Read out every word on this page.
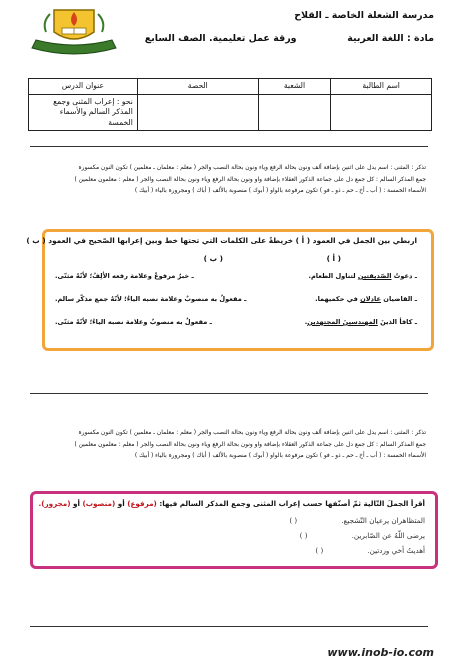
مدرسة الشعلة الخاصة ـ القلاح
مادة : اللغة العربية  ورقة عمل تعليمية. الصف السابع
اسم الطالبة	الشعبة	الحصة	عنوان الدرس
			نحو : إعراب المثنى وجمع المذكر السالم والأسماء الخمسة
تذكر : المثنى : اسم يدل على اثنين بإضافة ألف ونون بحالة الرفع وياء ونون بحالة النصب والجر ( معلم : معلمان ـ معلمين ) تكون النون مكسورة
جمع المذكر السالم : كل جمع دل على جماعة الذكور العقلاء بإضافة واو ونون بحالة الرفع وياء ونون بحالة النصب والجر ( معلم : معلمون معلمين )
الأسماء الخمسة : ( أب ـ أخ ـ حم ـ ذو ـ فو ) تكون مرفوعة بالواو ( أبوك ) منصوبة بالألف ( أباك ) ومجرورة بالياء ( أبيك )
اربطي بين الجمل في العمود ( أ ) خريطةً على الكلمات التي تحتها خط وبين إعرابها الصّحيح في العمود ( ب )
( أ )
( ب )
ـ دعوتُ الصّديقتين لتناول الطعام.
ـ القاضيان عادلان في حكميهما.
ـ كافأ الذينَ المهندسينَ المجتهدين.
ـ خبرٌ مرفوعٌ وعلامة رفعه الألِفُ؛ لأنّهُ مثنّى.
ـ مفعولٌ به منصوبٌ وعلامة نصبه الياءُ؛ لأنّهُ جمع مذكّر سالم.
ـ مفعولٌ به منصوبٌ وعلامة نصبه الياءُ؛ لأنّهُ مثنّى.
تذكر : المثنى : اسم يدل على اثنين بإضافة ألف ونون بحالة الرفع وياء ونون بحالة النصب والجر ( معلم : معلمان ـ معلمين ) تكون النون مكسورة
جمع المذكر السالم : كل جمع دل على جماعة الذكور العقلاء بإضافة واو ونون بحالة الرفع وياء ونون بحالة النصب والجر ( معلم : معلمون معلمين )
الأسماء الخمسة : ( أب ـ أخ ـ حم ـ ذو ـ فو ) تكون مرفوعة بالواو ( أبوك ) منصوبة بالألف ( أباك ) ومجرورة بالياء ( أبيك )
أقرأ الجملَ التّالية ثمّ أصنّفها حسب إعراب المثنى وجمع المذكر السالم فيها: (مرفوع) أو (منصوب) أو (مجرور).
المتظاهران يرعيان التّشجيع.( )
يرضى اللّهُ عن الصّابرين.( )
أهديتُ أخي وردتين.( )
www.inob-io.com
